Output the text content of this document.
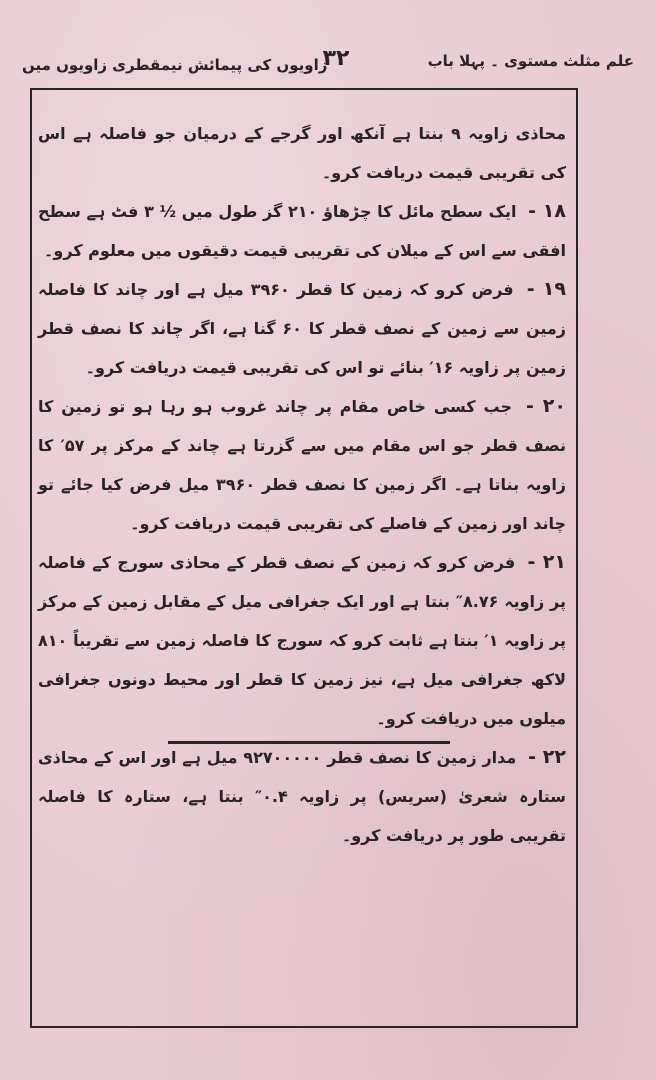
علم مثلث مستوی ۔ پہلا باب
۳۲
زاویوں کی پیمائش نیمقطری زاویوں میں

محاذی زاویہ ۹ بنتا ہے آنکھ اور گرجے کے درمیان جو فاصلہ ہے اس کی تقریبی قیمت دریافت کرو۔

۱۸ - ایک سطح مائل کا چڑھاؤ ۲۱۰ گز طول میں ½ ۳ فٹ ہے سطح افقی سے اس کے میلان کی تقریبی قیمت دقیقوں میں معلوم کرو۔

۱۹ - فرض کرو کہ زمین کا قطر ۳۹۶۰ میل ہے اور چاند کا فاصلہ زمین سے زمین کے نصف قطر کا ۶۰ گنا ہے، اگر چاند کا نصف قطر زمین پر زاویہ ۱۶′ بنائے تو اس کی تقریبی قیمت دریافت کرو۔

۲۰ - جب کسی خاص مقام پر چاند غروب ہو رہا ہو تو زمین کا نصف قطر جو اس مقام میں سے گزرتا ہے چاند کے مرکز پر ۵۷′ کا زاویہ بناتا ہے۔ اگر زمین کا نصف قطر ۳۹۶۰ میل فرض کیا جائے تو چاند اور زمین کے فاصلے کی تقریبی قیمت دریافت کرو۔

۲۱ - فرض کرو کہ زمین کے نصف قطر کے محاذی سورج کے فاصلہ پر زاویہ ۸.۷۶″ بنتا ہے اور ایک جغرافی میل کے مقابل زمین کے مرکز پر زاویہ ۱′ بنتا ہے ثابت کرو کہ سورج کا فاصلہ زمین سے تقریباً ۸۱۰ لاکھ جغرافی میل ہے، نیز زمین کا قطر اور محیط دونوں جغرافی میلوں میں دریافت کرو۔

۲۲ - مدار زمین کا نصف قطر ۹۲۷۰۰۰۰۰ میل ہے اور اس کے محاذی ستارہ شعریٰ (سریس) پر زاویہ ۰.۴″ بنتا ہے، ستارہ کا فاصلہ تقریبی طور پر دریافت کرو۔
